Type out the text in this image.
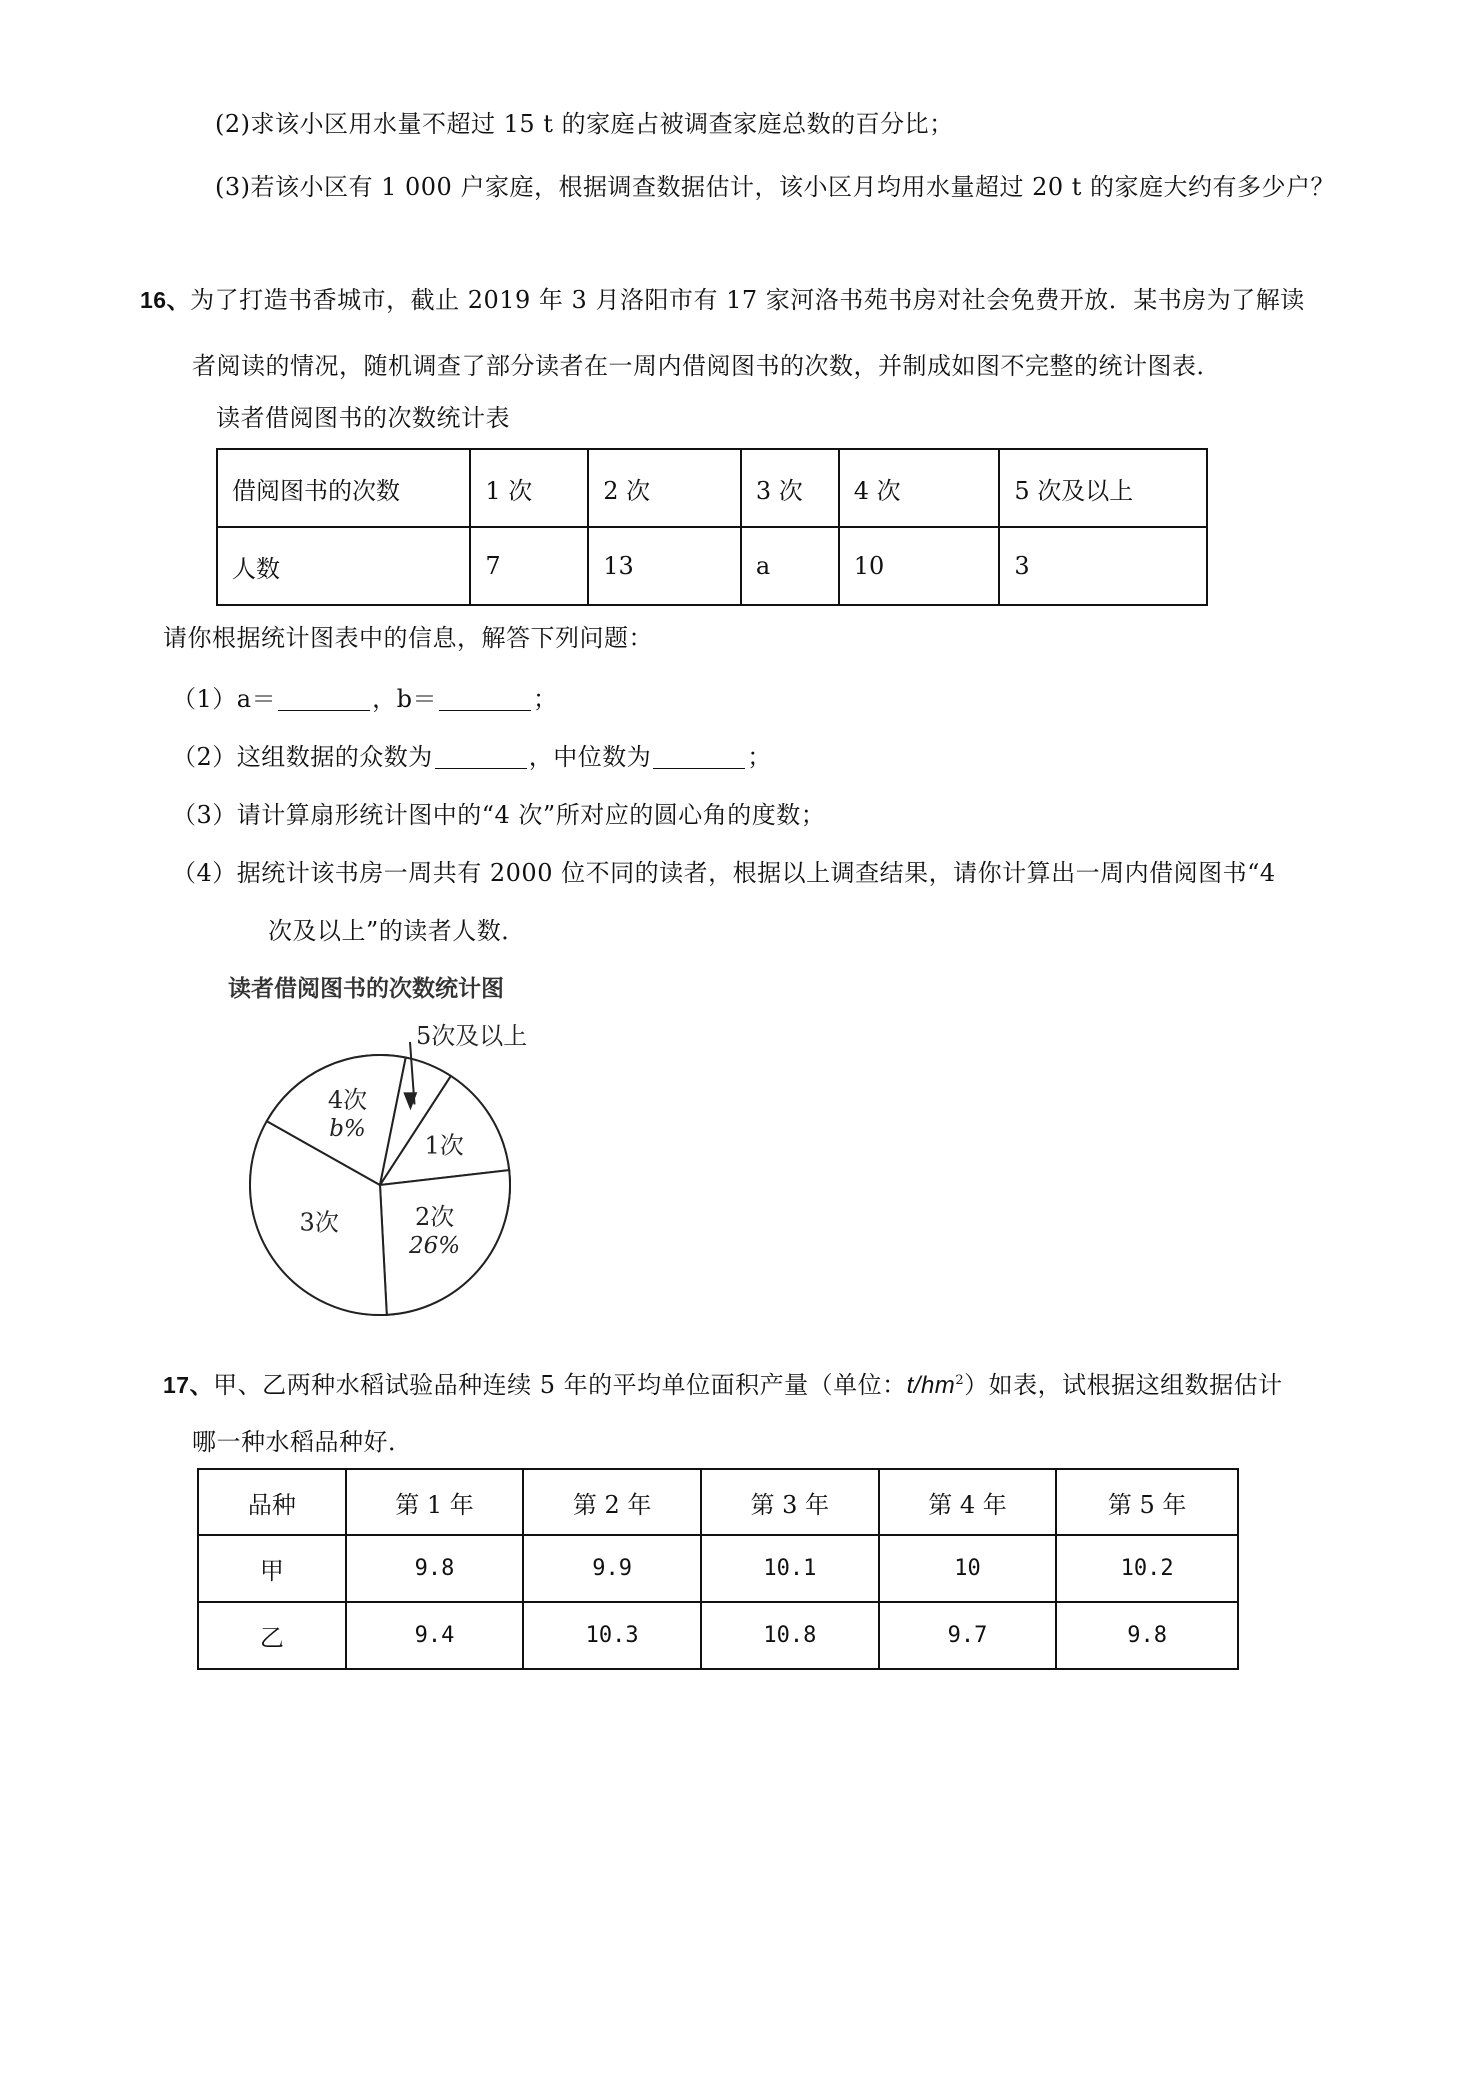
(2)求该小区用水量不超过 15 t 的家庭占被调查家庭总数的百分比；
(3)若该小区有 1 000 户家庭，根据调查数据估计，该小区月均用水量超过 20 t 的家庭大约有多少户？
16、为了打造书香城市，截止 2019 年 3 月洛阳市有 17 家河洛书苑书房对社会免费开放．某书房为了解读
者阅读的情况，随机调查了部分读者在一周内借阅图书的次数，并制成如图不完整的统计图表．
读者借阅图书的次数统计表
借阅图书的次数	1 次	2 次	3 次	4 次	5 次及以上
人数	7	13	a	10	3
请你根据统计图表中的信息，解答下列问题：
（1）a＝	，b＝	；
（2）这组数据的众数为	，中位数为	；
（3）请计算扇形统计图中的“4 次”所对应的圆心角的度数；
（4）据统计该书房一周共有 2000 位不同的读者，根据以上调查结果，请你计算出一周内借阅图书“4
次及以上”的读者人数．
读者借阅图书的次数统计图
1次
2次
26%
3次
4次
b%
5次及以上
17、甲、乙两种水稻试验品种连续 5 年的平均单位面积产量（单位：$t/hm^2$）如表，试根据这组数据估计
哪一种水稻品种好．
品种	第 1 年	第 2 年	第 3 年	第 4 年	第 5 年
甲	9.8	9.9	10.1	10	10.2
乙	9.4	10.3	10.8	9.7	9.8
